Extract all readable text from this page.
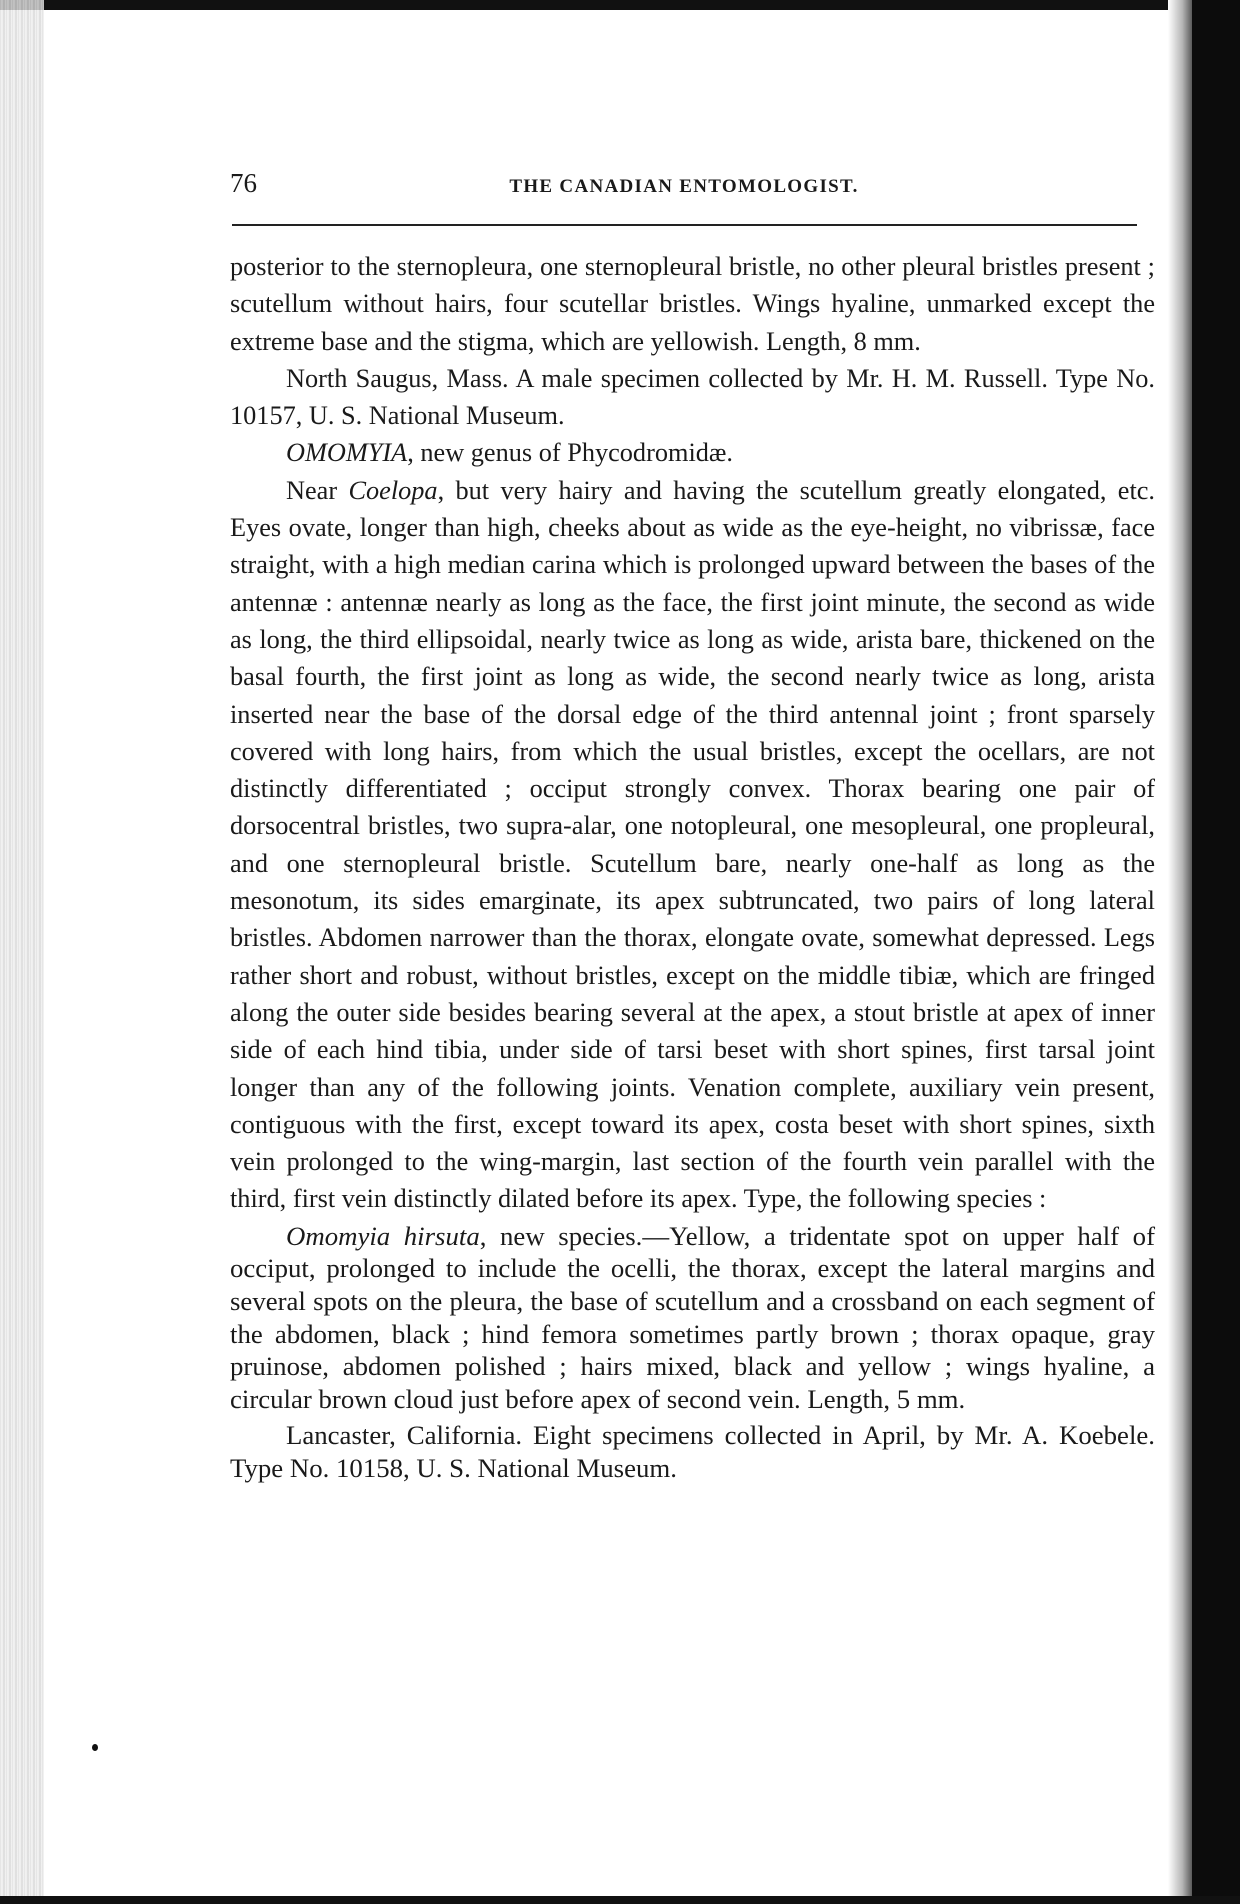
76	THE CANADIAN ENTOMOLOGIST.

posterior to the sternopleura, one sternopleural bristle, no other pleural bristles present ; scutellum without hairs, four scutellar bristles. Wings hyaline, unmarked except the extreme base and the stigma, which are yellowish. Length, 8 mm.

North Saugus, Mass. A male specimen collected by Mr. H. M. Russell. Type No. 10157, U. S. National Museum.

OMOMYIA, new genus of Phycodromidæ.

Near Coelopa, but very hairy and having the scutellum greatly elongated, etc. Eyes ovate, longer than high, cheeks about as wide as the eye-height, no vibrissæ, face straight, with a high median carina which is prolonged upward between the bases of the antennæ : antennæ nearly as long as the face, the first joint minute, the second as wide as long, the third ellipsoidal, nearly twice as long as wide, arista bare, thickened on the basal fourth, the first joint as long as wide, the second nearly twice as long, arista inserted near the base of the dorsal edge of the third antennal joint ; front sparsely covered with long hairs, from which the usual bristles, except the ocellars, are not distinctly differentiated ; occiput strongly convex. Thorax bearing one pair of dorsocentral bristles, two supra-alar, one notopleural, one mesopleural, one propleural, and one sternopleural bristle. Scutellum bare, nearly one-half as long as the mesonotum, its sides emarginate, its apex subtruncated, two pairs of long lateral bristles. Abdomen narrower than the thorax, elongate ovate, somewhat depressed. Legs rather short and robust, without bristles, except on the middle tibiæ, which are fringed along the outer side besides bearing several at the apex, a stout bristle at apex of inner side of each hind tibia, under side of tarsi beset with short spines, first tarsal joint longer than any of the following joints. Venation complete, auxiliary vein present, contiguous with the first, except toward its apex, costa beset with short spines, sixth vein prolonged to the wing-margin, last section of the fourth vein parallel with the third, first vein distinctly dilated before its apex. Type, the following species :

Omomyia hirsuta, new species.—Yellow, a tridentate spot on upper half of occiput, prolonged to include the ocelli, the thorax, except the lateral margins and several spots on the pleura, the base of scutellum and a crossband on each segment of the abdomen, black ; hind femora sometimes partly brown ; thorax opaque, gray pruinose, abdomen polished ; hairs mixed, black and yellow ; wings hyaline, a circular brown cloud just before apex of second vein. Length, 5 mm.

Lancaster, California. Eight specimens collected in April, by Mr. A. Koebele. Type No. 10158, U. S. National Museum.
